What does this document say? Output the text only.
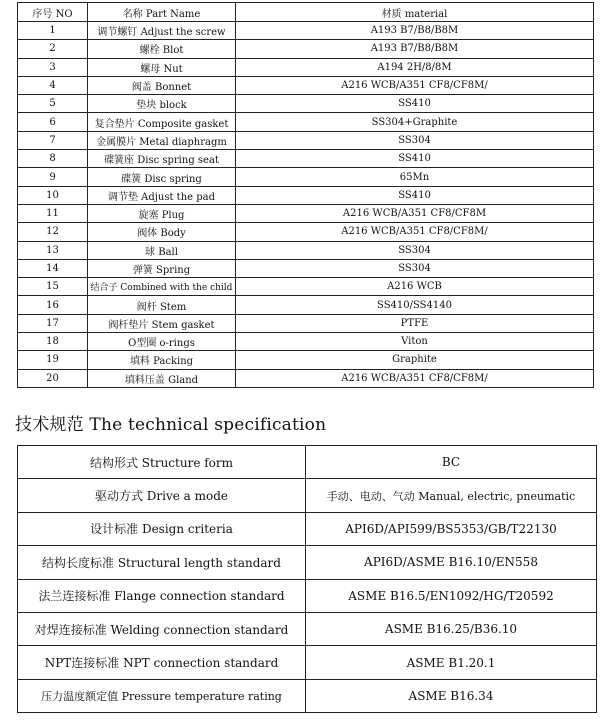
序号 NO	名称 Part Name	材质 material
1	调节螺钉 Adjust the screw	A193 B7/B8/B8M
2	螺栓 Blot	A193 B7/B8/B8M
3	螺母 Nut	A194 2H/8/8M
4	阀盖 Bonnet	A216 WCB/A351 CF8/CF8M/
5	垫块 block	SS410
6	复合垫片 Composite gasket	SS304+Graphite
7	金属膜片 Metal diaphragm	SS304
8	碟簧座 Disc spring seat	SS410
9	碟簧 Disc spring	65Mn
10	调节垫 Adjust the pad	SS410
11	旋塞 Plug	A216 WCB/A351 CF8/CF8M
12	阀体 Body	A216 WCB/A351 CF8/CF8M/
13	球 Ball	SS304
14	弹簧 Spring	SS304
15	结合子 Combined with the child	A216 WCB
16	阀杆 Stem	SS410/SS4140
17	阀杆垫片 Stem gasket	PTFE
18	O型圈 o-rings	Viton
19	填料 Packing	Graphite
20	填料压盖 Gland	A216 WCB/A351 CF8/CF8M/
技术规范 The technical specification
结构形式 Structure form	BC
驱动方式 Drive a mode	手动、电动、气动 Manual, electric, pneumatic
设计标准 Design criteria	API6D/API599/BS5353/GB/T22130
结构长度标准 Structural length standard	API6D/ASME B16.10/EN558
法兰连接标准 Flange connection standard	ASME B16.5/EN1092/HG/T20592
对焊连接标准 Welding connection standard	ASME B16.25/B36.10
NPT连接标准 NPT connection standard	ASME B1.20.1
压力温度额定值 Pressure temperature rating	ASME B16.34
